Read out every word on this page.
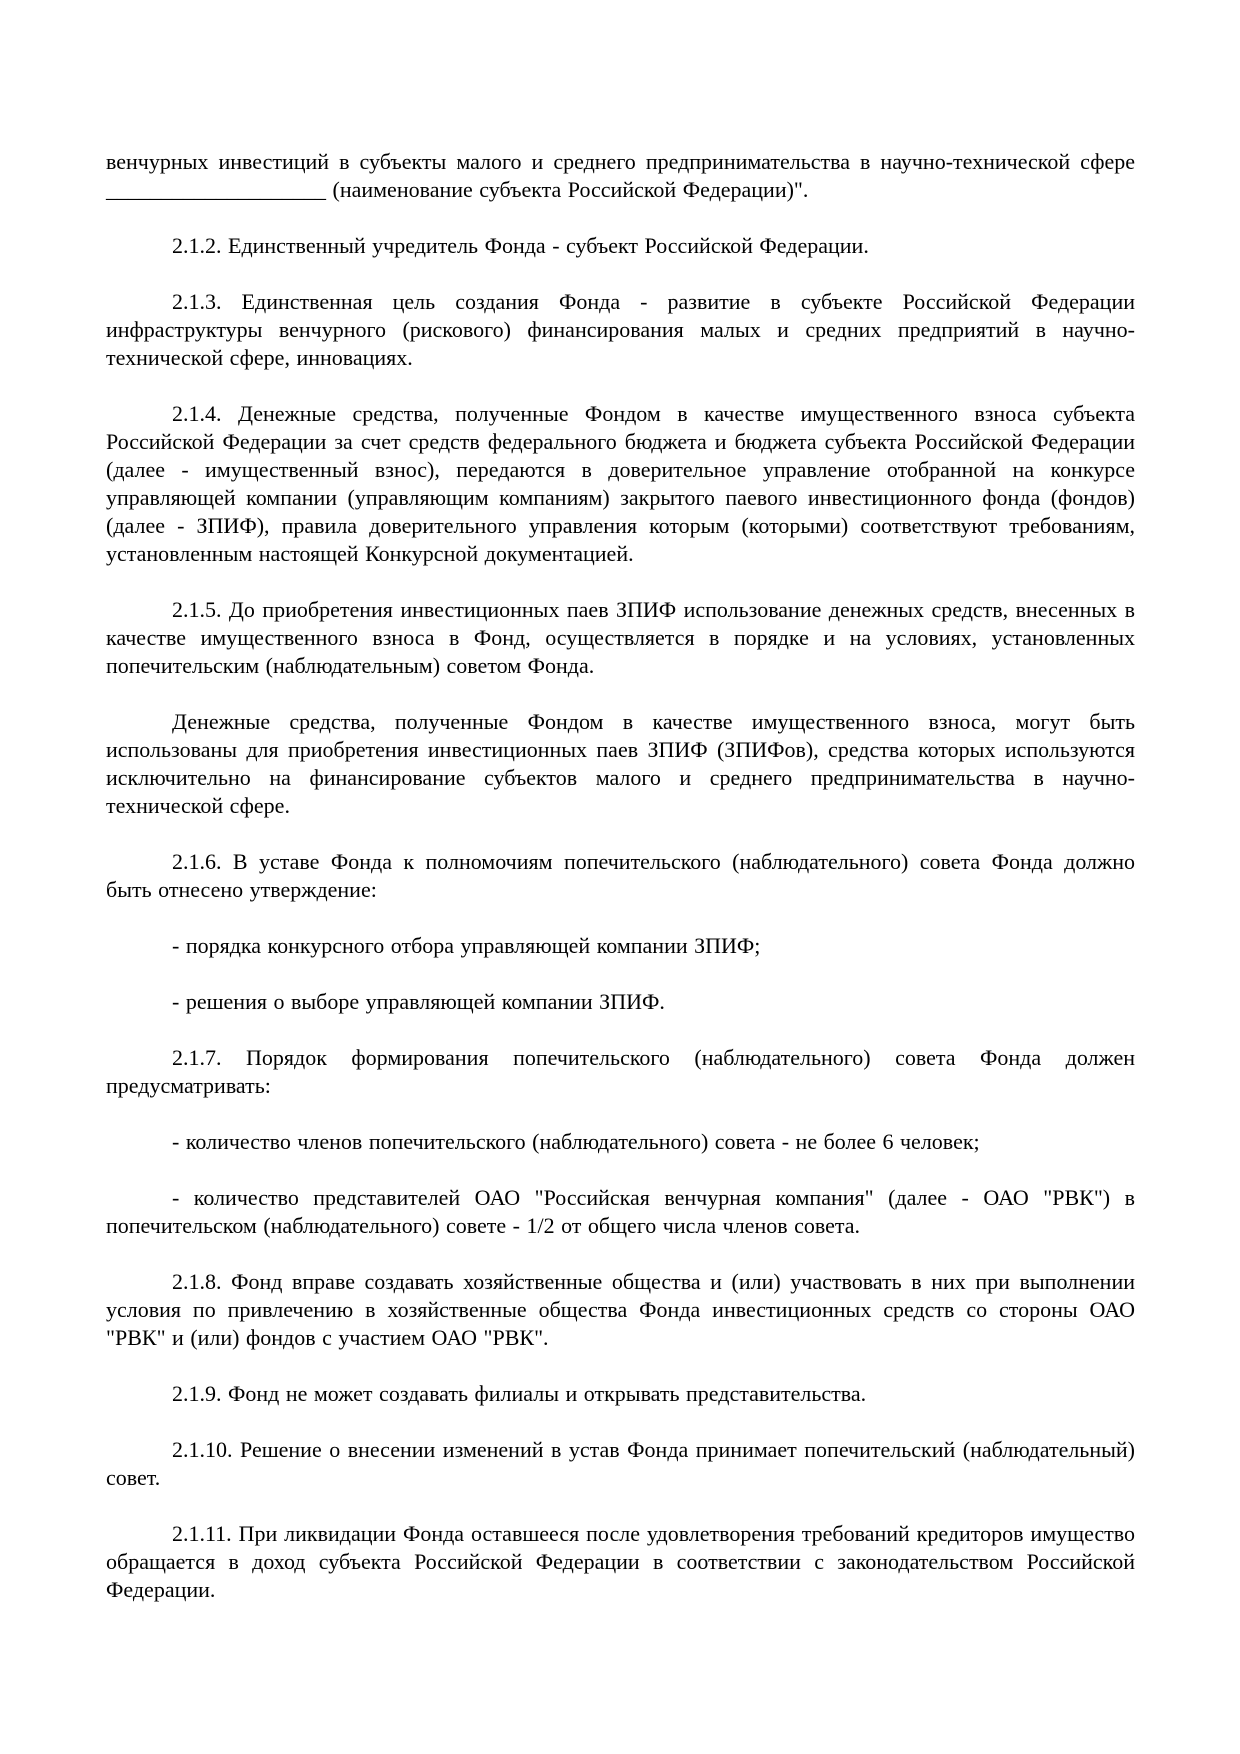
венчурных инвестиций в субъекты малого и среднего предпринимательства в научно-технической сфере ____________________ (наименование субъекта Российской Федерации)".

2.1.2. Единственный учредитель Фонда - субъект Российской Федерации.

2.1.3. Единственная цель создания Фонда - развитие в субъекте Российской Федерации инфраструктуры венчурного (рискового) финансирования малых и средних предприятий в научно-технической сфере, инновациях.

2.1.4. Денежные средства, полученные Фондом в качестве имущественного взноса субъекта Российской Федерации за счет средств федерального бюджета и бюджета субъекта Российской Федерации (далее - имущественный взнос), передаются в доверительное управление отобранной на конкурсе управляющей компании (управляющим компаниям) закрытого паевого инвестиционного фонда (фондов) (далее - ЗПИФ), правила доверительного управления которым (которыми) соответствуют требованиям, установленным настоящей Конкурсной документацией.

2.1.5. До приобретения инвестиционных паев ЗПИФ использование денежных средств, внесенных в качестве имущественного взноса в Фонд, осуществляется в порядке и на условиях, установленных попечительским (наблюдательным) советом Фонда.

Денежные средства, полученные Фондом в качестве имущественного взноса, могут быть использованы для приобретения инвестиционных паев ЗПИФ (ЗПИФов), средства которых используются исключительно на финансирование субъектов малого и среднего предпринимательства в научно-технической сфере.

2.1.6. В уставе Фонда к полномочиям попечительского (наблюдательного) совета Фонда должно быть отнесено утверждение:

- порядка конкурсного отбора управляющей компании ЗПИФ;

- решения о выборе управляющей компании ЗПИФ.

2.1.7. Порядок формирования попечительского (наблюдательного) совета Фонда должен предусматривать:

- количество членов попечительского (наблюдательного) совета - не более 6 человек;

- количество представителей ОАО "Российская венчурная компания" (далее - ОАО "РВК") в попечительском (наблюдательного) совете - 1/2 от общего числа членов совета.

2.1.8. Фонд вправе создавать хозяйственные общества и (или) участвовать в них при выполнении условия по привлечению в хозяйственные общества Фонда инвестиционных средств со стороны ОАО "РВК" и (или) фондов с участием ОАО "РВК".

2.1.9. Фонд не может создавать филиалы и открывать представительства.

2.1.10. Решение о внесении изменений в устав Фонда принимает попечительский (наблюдательный) совет.

2.1.11. При ликвидации Фонда оставшееся после удовлетворения требований кредиторов имущество обращается в доход субъекта Российской Федерации в соответствии с законодательством Российской Федерации.
